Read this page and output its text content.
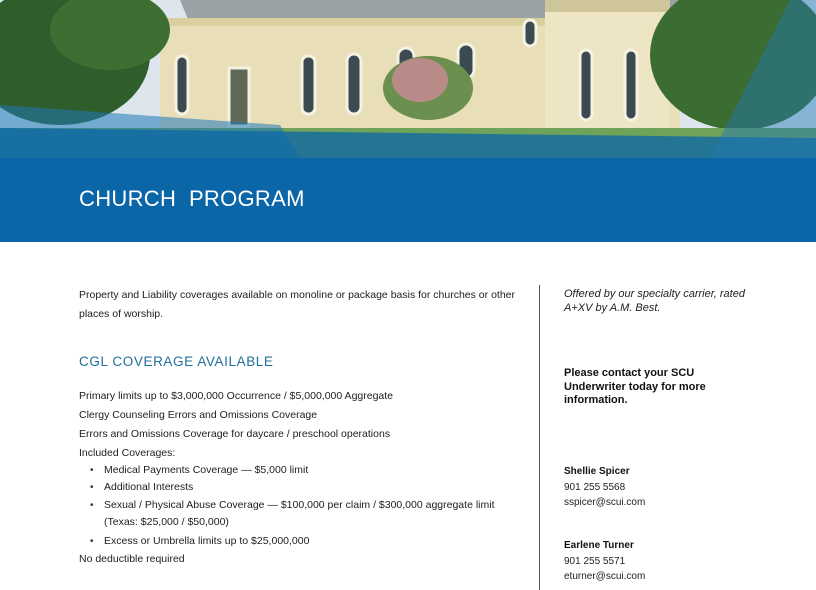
CHURCH  PROGRAM
Property and Liability coverages available on monoline or package basis for churches or other places of worship.
CGL COVERAGE AVAILABLE
Primary limits up to $3,000,000 Occurrence / $5,000,000 Aggregate
Clergy Counseling Errors and Omissions Coverage
Errors and Omissions Coverage for daycare / preschool operations
Included Coverages:
• Medical Payments Coverage — $5,000 limit
• Additional Interests
• Sexual / Physical Abuse Coverage — $100,000 per claim / $300,000 aggregate limit (Texas: $25,000 / $50,000)
• Excess or Umbrella limits up to $25,000,000
No deductible required
Offered by our specialty carrier, rated A+XV by A.M. Best.
Please contact your SCU Underwriter today for more information.
Shellie Spicer
901 255 5568
sspicer@scui.com
Earlene Turner
901 255 5571
eturner@scui.com
